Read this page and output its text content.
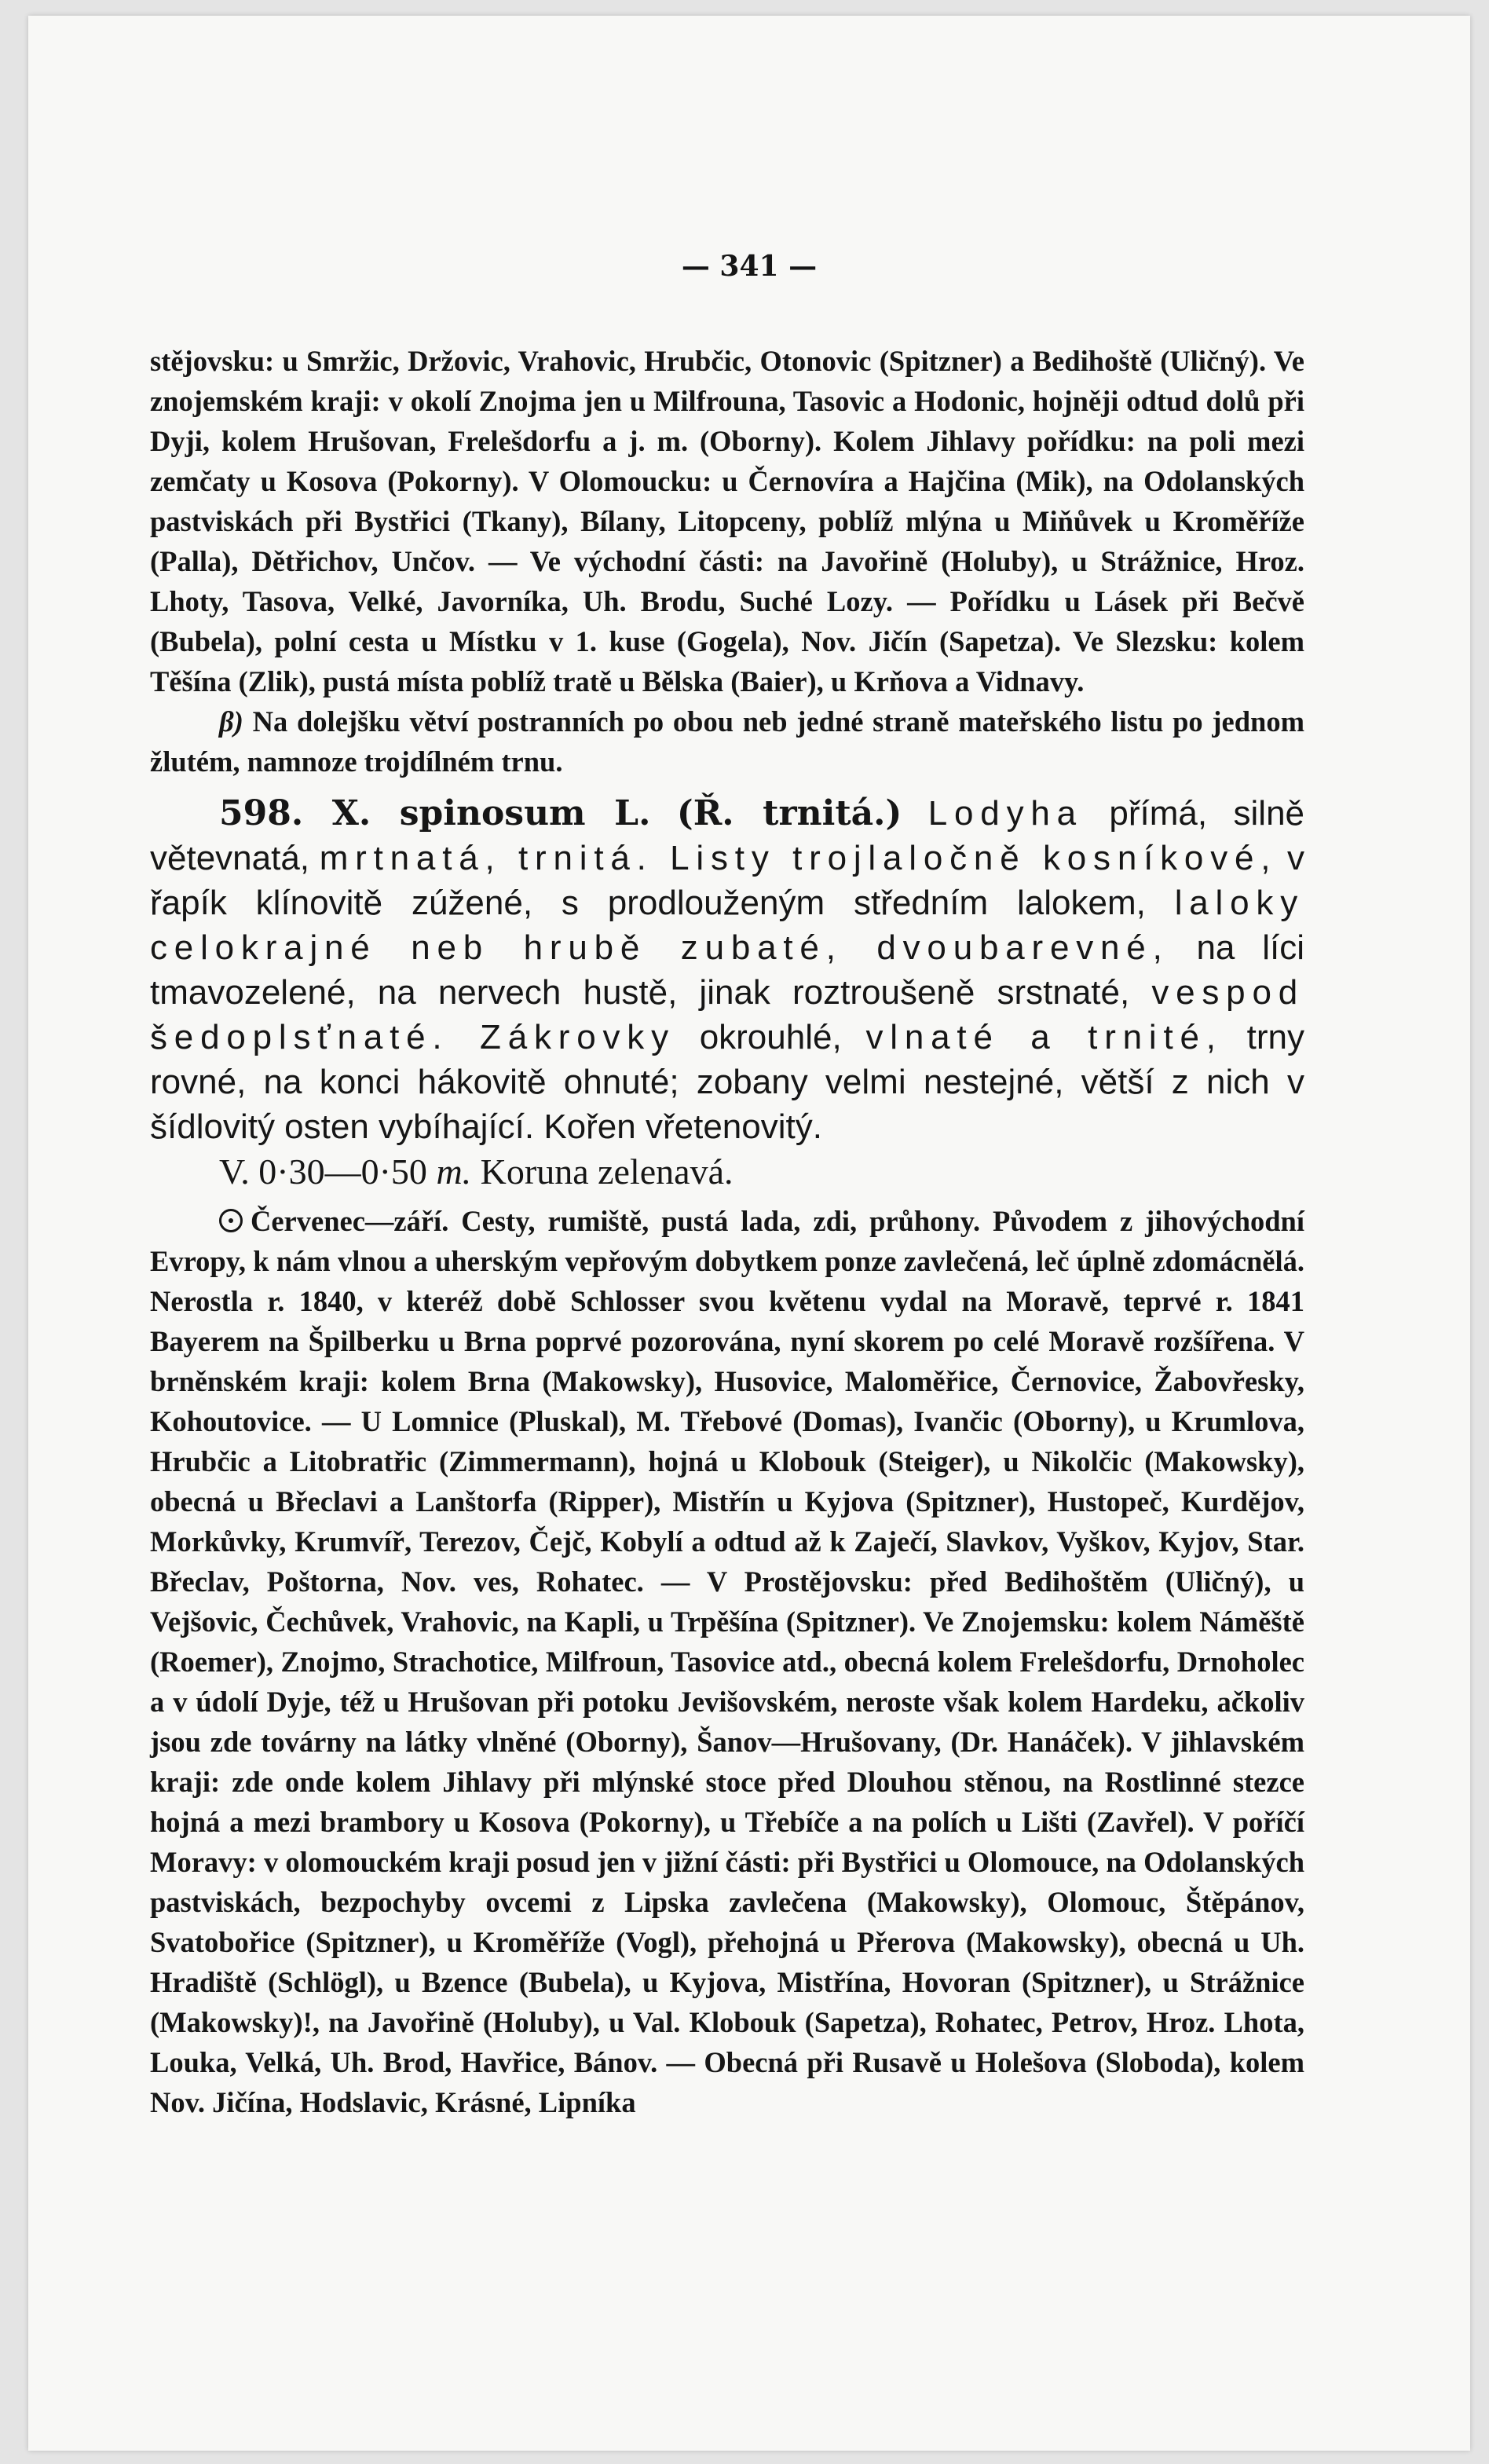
— 341 —

stějovsku: u Smržic, Držovic, Vrahovic, Hrubčic, Otonovic (Spitzner) a Bedihoště (Uličný). Ve znojemském kraji: v okolí Znojma jen u Milfrouna, Tasovic a Hodonic, hojněji odtud dolů při Dyji, kolem Hrušovan, Frelešdorfu a j. m. (Oborny). Kolem Jihlavy pořídku: na poli mezi zemčaty u Kosova (Pokorny). V Olomoucku: u Černovíra a Hajčina (Mik), na Odolanských pastviskách při Bystřici (Tkany), Bílany, Litopceny, poblíž mlýna u Miňůvek u Kroměříže (Palla), Dětřichov, Unčov. — Ve východní části: na Javořině (Holuby), u Strážnice, Hroz. Lhoty, Tasova, Velké, Javorníka, Uh. Brodu, Suché Lozy. — Pořídku u Lásek při Bečvě (Bubela), polní cesta u Místku v 1. kuse (Gogela), Nov. Jičín (Sapetza). Ve Slezsku: kolem Těšína (Zlik), pustá místa poblíž tratě u Bělska (Baier), u Krňova a Vidnavy.

β) Na dolejšku větví postranních po obou neb jedné straně mateřského listu po jednom žlutém, namnoze trojdílném trnu.

598. X. spinosum L. (Ř. trnitá.) Lodyha přímá, silně větevnatá, mrtnatá, trnitá. Listy trojlaločně kosníkové, v řapík klínovitě zúžené, s prodlouženým středním lalokem, laloky celokrajné neb hrubě zubaté, dvoubarevné, na líci tmavozelené, na nervech hustě, jinak roztroušeně srstnaté, vespod šedoplsťnaté. Zákrovky okrouhlé, vlnaté a trnité, trny rovné, na konci hákovitě ohnuté; zobany velmi nestejné, větší z nich v šídlovitý osten vybíhající. Kořen vřetenovitý.

V. 0·30—0·50 m. Koruna zelenavá.

Červenec—září. Cesty, rumiště, pustá lada, zdi, průhony. Původem z jihovýchodní Evropy, k nám vlnou a uherským vepřovým dobytkem ponze zavlečená, leč úplně zdomácnělá. Nerostla r. 1840, v kteréž době Schlosser svou květenu vydal na Moravě, teprvé r. 1841 Bayerem na Špilberku u Brna poprvé pozorována, nyní skorem po celé Moravě rozšířena. V brněnském kraji: kolem Brna (Makowsky), Husovice, Maloměřice, Černovice, Žabovřesky, Kohoutovice. — U Lomnice (Pluskal), M. Třebové (Domas), Ivančic (Oborny), u Krumlova, Hrubčic a Litobratřic (Zimmermann), hojná u Klobouk (Steiger), u Nikolčic (Makowsky), obecná u Břeclavi a Lanštorfa (Ripper), Mistřín u Kyjova (Spitzner), Hustopeč, Kurdějov, Morkůvky, Krumvíř, Terezov, Čejč, Kobylí a odtud až k Zaječí, Slavkov, Vyškov, Kyjov, Star. Břeclav, Poštorna, Nov. ves, Rohatec. — V Prostějovsku: před Bedihoštěm (Uličný), u Vejšovic, Čechůvek, Vrahovic, na Kapli, u Trpěšína (Spitzner). Ve Znojemsku: kolem Náměště (Roemer), Znojmo, Strachotice, Milfroun, Tasovice atd., obecná kolem Frelešdorfu, Drnoholec a v údolí Dyje, též u Hrušovan při potoku Jevišovském, neroste však kolem Hardeku, ačkoliv jsou zde továrny na látky vlněné (Oborny), Šanov—Hrušovany, (Dr. Hanáček). V jihlavském kraji: zde onde kolem Jihlavy při mlýnské stoce před Dlouhou stěnou, na Rostlinné stezce hojná a mezi brambory u Kosova (Pokorny), u Třebíče a na polích u Lišti (Zavřel). V poříčí Moravy: v olomouckém kraji posud jen v jižní části: při Bystřici u Olomouce, na Odolanských pastviskách, bezpochyby ovcemi z Lipska zavlečena (Makowsky), Olomouc, Štěpánov, Svatobořice (Spitzner), u Kroměříže (Vogl), přehojná u Přerova (Makowsky), obecná u Uh. Hradiště (Schlögl), u Bzence (Bubela), u Kyjova, Mistřína, Hovoran (Spitzner), u Strážnice (Makowsky)!, na Javořině (Holuby), u Val. Klobouk (Sapetza), Rohatec, Petrov, Hroz. Lhota, Louka, Velká, Uh. Brod, Havřice, Bánov. — Obecná při Rusavě u Holešova (Sloboda), kolem Nov. Jičína, Hodslavic, Krásné, Lipníka
